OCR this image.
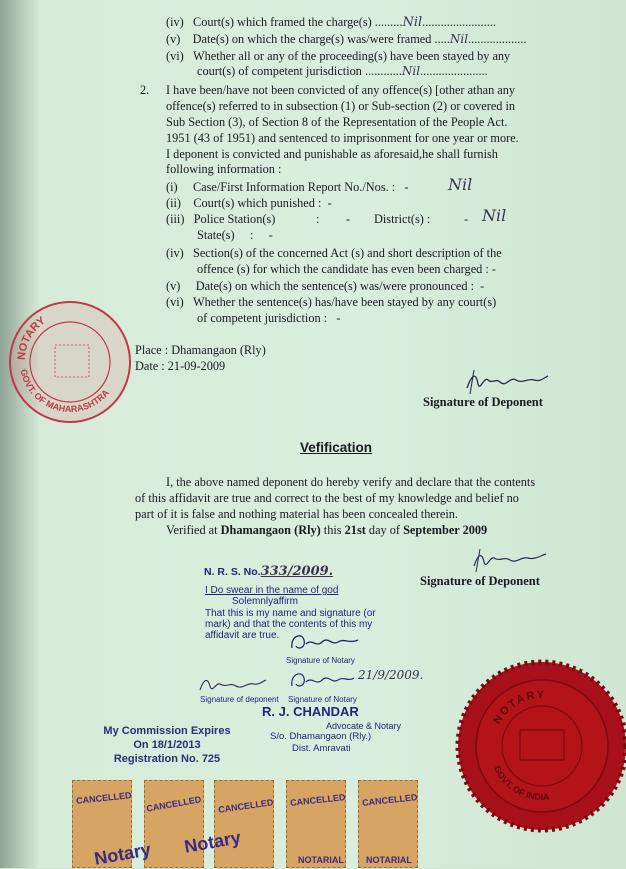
(iv) Court(s) which framed the charge(s) .........Nil........................
(v) Date(s) on which the charge(s) was/were framed .....Nil...................
(vi) Whether all or any of the proceeding(s) have been stayed by any
court(s) of competent jurisdiction ............Nil......................
2. I have been/have not been convicted of any offence(s) [other athan any
offence(s) referred to in subsection (1) or Sub-section (2) or covered in
Sub Section (3), of Section 8 of the Representation of the People Act.
1951 (43 of 1951) and sentenced to imprisonment for one year or more.
I deponent is convicted and punishable as aforesaid,he shall furnish
following information :
(i) Case/First Information Report No./Nos. : - Nil
(ii) Court(s) which punished : -
(iii) Police Station(s)	: - District(s) :	- Nil
State(s) : -
(iv) Section(s) of the concerned Act (s) and short description of the
offence (s) for which the candidate has even been charged : -
(v) Date(s) on which the sentence(s) was/were pronounced : -
(vi) Whether the sentence(s) has/have been stayed by any court(s)
of competent jurisdiction : -
NOTARY
GOVT. OF MAHARASHTRA
Place : Dhamangaon (Rly)
Date : 21-09-2009
Signature of Deponent
Vefification
I, the above named deponent do hereby verify and declare that the contents
of this affidavit are true and correct to the best of my knowledge and belief no
part of it is false and nothing material has been concealed therein.
Verified at Dhamangaon (Rly) this 21st day of September 2009
Signature of Deponent
N. R. S. No.333/2009.
I Do swear in the name of god
Solemnlyaffirm
That this is my name and signature (or
mark) and that the contents of this my
affidavit are true.
Signature of Notary
Signature of deponent
21/9/2009.
Signature of Notary
R. J. CHANDAR
Advocate & Notary
S/o. Dhamangaon (Rly.)
Dist. Amravati
My Commission Expires
On 18/1/2013
Registration No. 725
NOTARY
GOVT. OF INDIA
CANCELLED CANCELLED CANCELLED CANCELLED CANCELLED
Notary Notary
NOTARIAL NOTARIAL
